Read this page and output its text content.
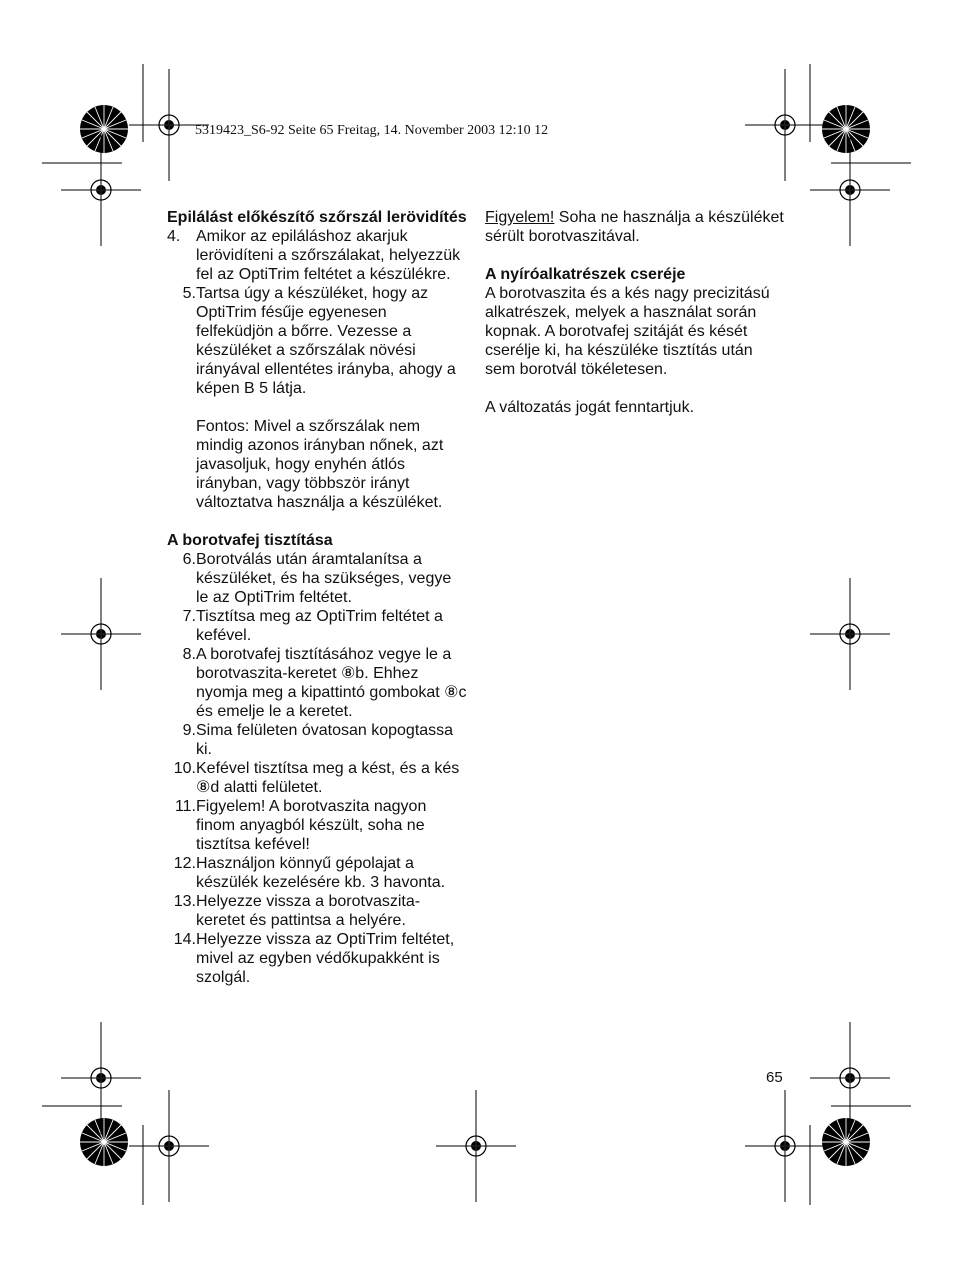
5319423_S6-92 Seite 65 Freitag, 14. November 2003 12:10 12
Epilálást előkészítő szőrszál lerövidítés
4. Amikor az epiláláshoz akarjuk lerövidíteni a szőrszálakat, helyezzük fel az OptiTrim feltétet a készülékre.
5. Tartsa úgy a készüléket, hogy az OptiTrim fésűje egyenesen felfeküdjön a bőrre. Vezesse a készüléket a szőrszálak növési irányával ellentétes irányba, ahogy a képen B 5 látja.
Fontos: Mivel a szőrszálak nem mindig azonos irányban nőnek, azt javasoljuk, hogy enyhén átlós irányban, vagy többször irányt változtatva használja a készüléket.
A borotvafej tisztítása
6. Borotválás után áramtalanítsa a készüléket, és ha szükséges, vegye le az OptiTrim feltétet.
7. Tisztítsa meg az OptiTrim feltétet a kefével.
8. A borotvafej tisztításához vegye le a borotvaszita-keretet ⑧b. Ehhez nyomja meg a kipattintó gombokat ⑧c és emelje le a keretet.
9. Sima felületen óvatosan kopogtassa ki.
10. Kefével tisztítsa meg a kést, és a kés ⑧d alatti felületet.
11. Figyelem! A borotvaszita nagyon finom anyagból készült, soha ne tisztítsa kefével!
12. Használjon könnyű gépolajat a készülék kezelésére kb. 3 havonta.
13. Helyezze vissza a borotvaszita-keretet és pattintsa a helyére.
14. Helyezze vissza az OptiTrim feltétet, mivel az egyben védőkupakként is szolgál.
Figyelem! Soha ne használja a készüléket sérült borotvaszitával.
A nyíróalkatrészek cseréje
A borotvaszita és a kés nagy precizitású alkatrészek, melyek a használat során kopnak. A borotvafej szitáját és kését cserélje ki, ha készüléke tisztítás után sem borotvál tökéletesen.
A változatás jogát fenntartjuk.
65
